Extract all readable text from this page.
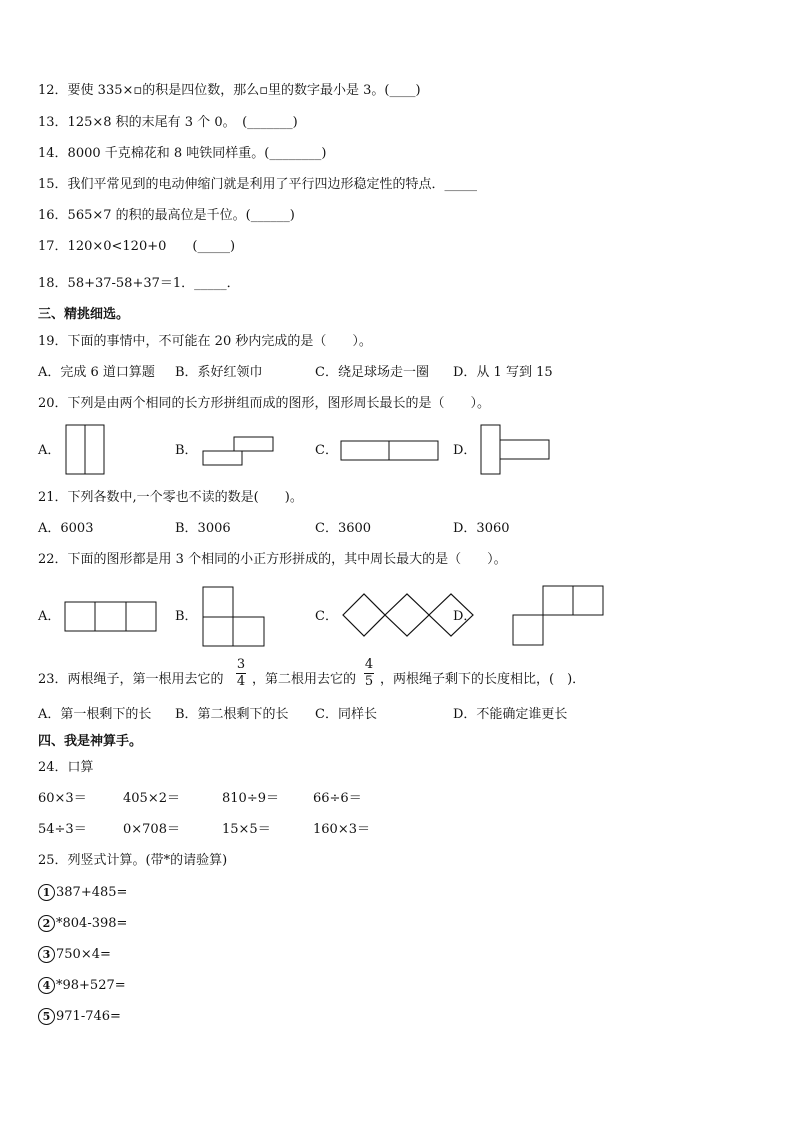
12．要使 335×▫的积是四位数，那么▫里的数字最小是 3。(____)
13．125×8 积的末尾有 3 个 0。　(_______)
14．8000 千克棉花和 8 吨铁同样重。(________)
15．我们平常见到的电动伸缩门就是利用了平行四边形稳定性的特点．_____
16．565×7 的积的最高位是千位。(______)
17．120×0<120+0　　(_____)
18．58+37-58+37＝1．_____．
三、精挑细选。
19．下面的事情中，不可能在 20 秒内完成的是（　　）。
A．完成 6 道口算题 B．系好红领巾	C．绕足球场走一圈 D．从 1 写到 15
20．下列是由两个相同的长方形拼组而成的图形，图形周长最长的是（　　）。
A．	B．	C．	D．
21．下列各数中,一个零也不读的数是(　　)。
A．6003	B．3006	C．3600	D．3060
22．下面的图形都是用 3 个相同的小正方形拼成的，其中周长最大的是（　　）。
A．	B．	C．	D．
23．两根绳子，第一根用去它的
3
4 ，第二根用去它的
4
5 ，两根绳子剩下的长度相比，(　)．
A．第一根剩下的长 B．第二根剩下的长 C．同样长	D．不能确定谁更长
四、我是神算手。
24．口算
60×3＝	405×2＝	810÷9＝	66÷6＝
54÷3＝	0×708＝	15×5＝	160×3＝
25．列竖式计算。(带*的请验算)
1 387+485=
2 *804-398=
3 750×4=
4 *98+527=
5 971-746=
